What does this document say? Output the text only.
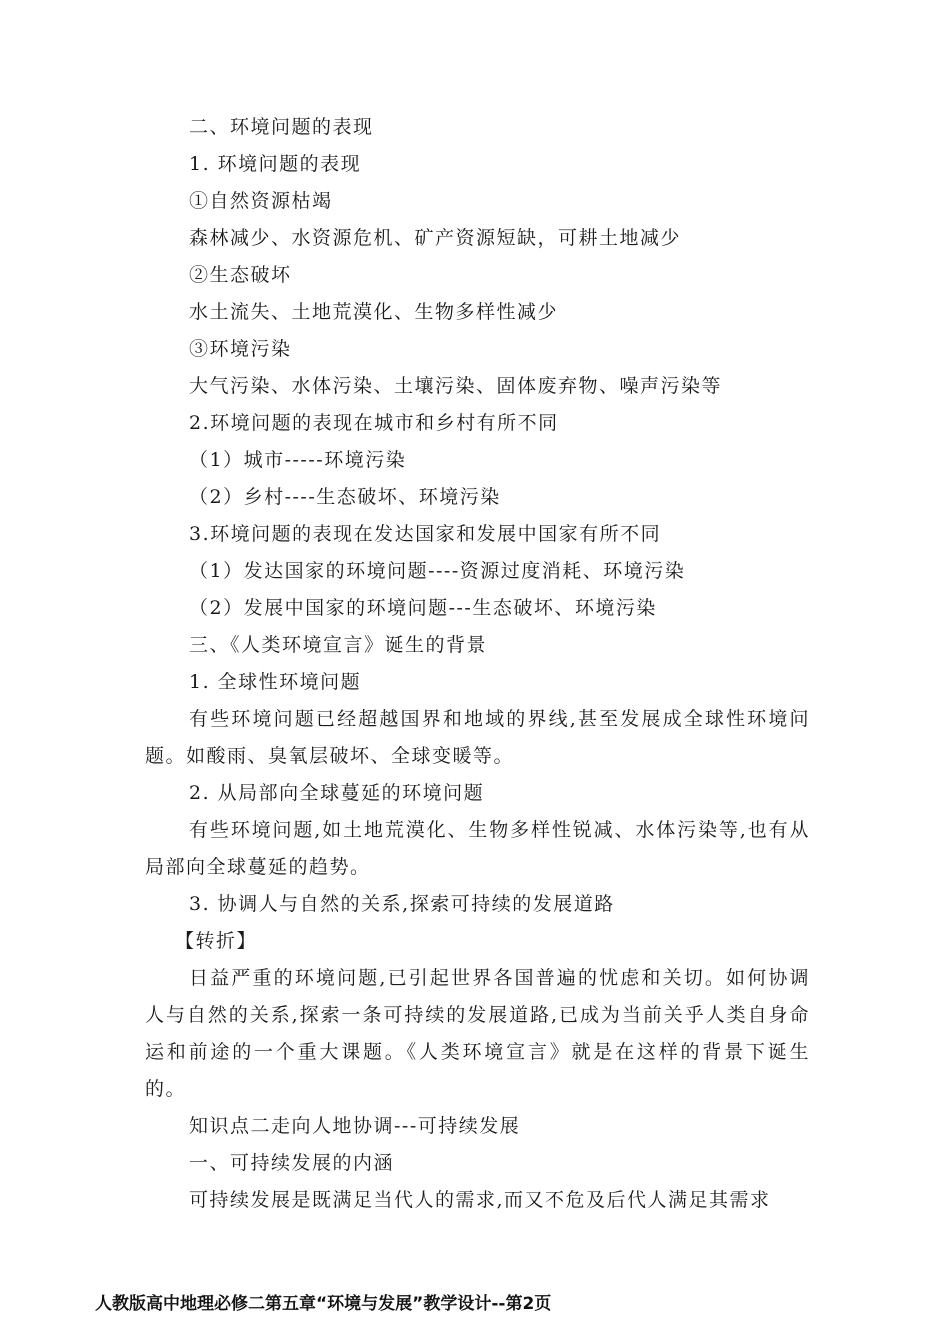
二、环境问题的表现
1. 环境问题的表现
①自然资源枯竭
森林减少、水资源危机、矿产资源短缺，可耕土地减少
②生态破坏
水土流失、土地荒漠化、生物多样性减少
③环境污染
大气污染、水体污染、土壤污染、固体废弃物、噪声污染等
2.环境问题的表现在城市和乡村有所不同
（1）城市-----环境污染
（2）乡村----生态破坏、环境污染
3.环境问题的表现在发达国家和发展中国家有所不同
（1）发达国家的环境问题----资源过度消耗、环境污染
（2）发展中国家的环境问题---生态破坏、环境污染
三、《人类环境宣言》诞生的背景
1. 全球性环境问题

有些环境问题已经超越国界和地域的界线,甚至发展成全球性环境问题。如酸雨、臭氧层破坏、全球变暖等。

2. 从局部向全球蔓延的环境问题

有些环境问题,如土地荒漠化、生物多样性锐减、水体污染等,也有从局部向全球蔓延的趋势。

3. 协调人与自然的关系,探索可持续的发展道路
【转折】

日益严重的环境问题,已引起世界各国普遍的忧虑和关切。如何协调人与自然的关系,探索一条可持续的发展道路,已成为当前关乎人类自身命运和前途的一个重大课题。《人类环境宣言》就是在这样的背景下诞生的。

知识点二走向人地协调---可持续发展
一、可持续发展的内涵
可持续发展是既满足当代人的需求,而又不危及后代人满足其需求
人教版高中地理必修二第五章“环境与发展”教学设计--第2页
